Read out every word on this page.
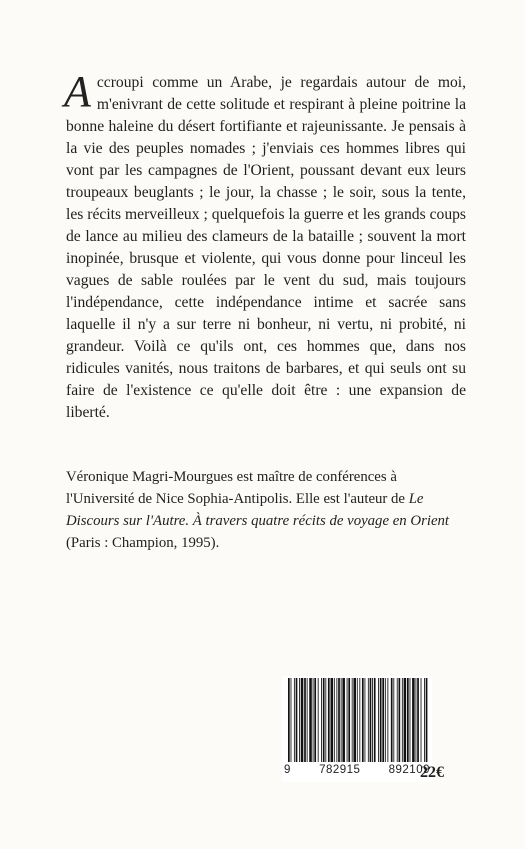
Accroupi comme un Arabe, je regardais autour de moi, m'enivrant de cette solitude et respirant à pleine poitrine la bonne haleine du désert fortifiante et rajeunissante. Je pensais à la vie des peuples nomades ; j'enviais ces hommes libres qui vont par les campagnes de l'Orient, poussant devant eux leurs troupeaux beuglants ; le jour, la chasse ; le soir, sous la tente, les récits merveilleux ; quelquefois la guerre et les grands coups de lance au milieu des clameurs de la bataille ; souvent la mort inopinée, brusque et violente, qui vous donne pour linceul les vagues de sable roulées par le vent du sud, mais toujours l'indépendance, cette indépendance intime et sacrée sans laquelle il n'y a sur terre ni bonheur, ni vertu, ni probité, ni grandeur. Voilà ce qu'ils ont, ces hommes que, dans nos ridicules vanités, nous traitons de barbares, et qui seuls ont su faire de l'existence ce qu'elle doit être : une expansion de liberté.
Véronique Magri-Mourgues est maître de conférences à l'Université de Nice Sophia-Antipolis. Elle est l'auteur de Le Discours sur l'Autre. À travers quatre récits de voyage en Orient (Paris : Champion, 1995).
9 782915 892109
22€
